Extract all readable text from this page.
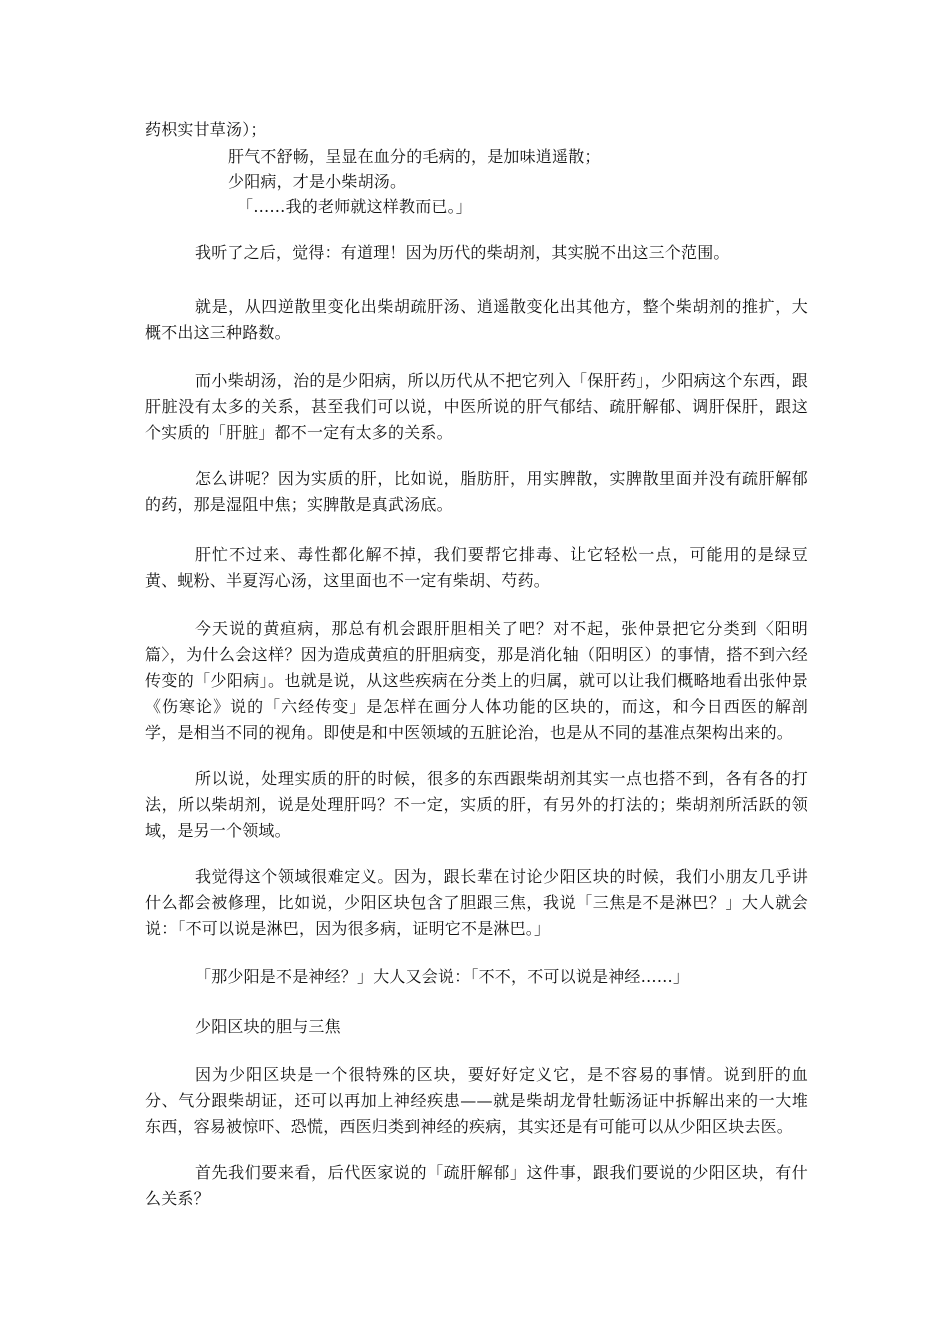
药枳实甘草汤）；
肝气不舒畅，呈显在血分的毛病的，是加味逍遥散；
少阳病，才是小柴胡汤。
「……我的老师就这样教而已。」

我听了之后，觉得：有道理！因为历代的柴胡剂，其实脱不出这三个范围。

就是，从四逆散里变化出柴胡疏肝汤、逍遥散变化出其他方，整个柴胡剂的推扩，大概不出这三种路数。

而小柴胡汤，治的是少阳病，所以历代从不把它列入「保肝药」，少阳病这个东西，跟肝脏没有太多的关系，甚至我们可以说，中医所说的肝气郁结、疏肝解郁、调肝保肝，跟这个实质的「肝脏」都不一定有太多的关系。

怎么讲呢？因为实质的肝，比如说，脂肪肝，用实脾散，实脾散里面并没有疏肝解郁的药，那是湿阻中焦；实脾散是真武汤底。

肝忙不过来、毒性都化解不掉，我们要帮它排毒、让它轻松一点，可能用的是绿豆黄、蚬粉、半夏泻心汤，这里面也不一定有柴胡、芍药。

今天说的黄疸病，那总有机会跟肝胆相关了吧？对不起，张仲景把它分类到〈阳明篇〉，为什么会这样？因为造成黄疸的肝胆病变，那是消化轴（阳明区）的事情，搭不到六经传变的「少阳病」。也就是说，从这些疾病在分类上的归属，就可以让我们概略地看出张仲景《伤寒论》说的「六经传变」是怎样在画分人体功能的区块的，而这，和今日西医的解剖学，是相当不同的视角。即使是和中医领域的五脏论治，也是从不同的基准点架构出来的。

所以说，处理实质的肝的时候，很多的东西跟柴胡剂其实一点也搭不到，各有各的打法，所以柴胡剂，说是处理肝吗？不一定，实质的肝，有另外的打法的；柴胡剂所活跃的领域，是另一个领域。

我觉得这个领域很难定义。因为，跟长辈在讨论少阳区块的时候，我们小朋友几乎讲什么都会被修理，比如说，少阳区块包含了胆跟三焦，我说「三焦是不是淋巴？」大人就会说：「不可以说是淋巴，因为很多病，证明它不是淋巴。」

「那少阳是不是神经？」大人又会说：「不不，不可以说是神经……」

少阳区块的胆与三焦

因为少阳区块是一个很特殊的区块，要好好定义它，是不容易的事情。说到肝的血分、气分跟柴胡证，还可以再加上神经疾患——就是柴胡龙骨牡蛎汤证中拆解出来的一大堆东西，容易被惊吓、恐慌，西医归类到神经的疾病，其实还是有可能可以从少阳区块去医。

首先我们要来看，后代医家说的「疏肝解郁」这件事，跟我们要说的少阳区块，有什么关系？
